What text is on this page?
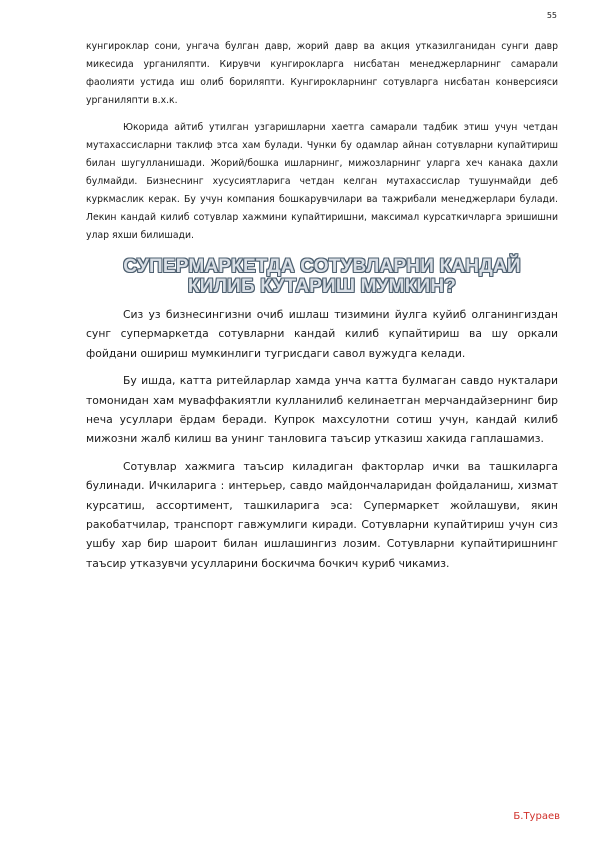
55

кунгироклар сони, унгача булган давр, жорий давр ва акция утказилганидан сунги давр микесида урганиляпти. Кирувчи кунгирокларга нисбатан менеджерларнинг самарали фаолияти устида иш олиб бориляпти. Кунгирокларнинг сотувларга нисбатан конверсияси урганиляпти в.х.к.

Юкорида айтиб утилган узгаришларни хаетга самарали тадбик этиш учун четдан мутахассисларни таклиф этса хам булади. Чунки бу одамлар айнан сотувларни купайтириш билан шугулланишади. Жорий/бошка ишларнинг, мижозларнинг уларга хеч канака дахли булмайди. Бизнеснинг хусусиятларига четдан келган мутахассислар тушунмайди деб куркмаслик керак. Бу учун компания бошкарувчилари ва тажрибали менеджерлари булади. Лекин кандай килиб сотувлар хажмини купайтиришни, максимал курсаткичларга эришишни улар яхши билишади.

СУПЕРМАРКЕТДА СОТУВЛАРНИ КАНДАЙ
КИЛИБ КУТАРИШ МУМКИН?

Сиз уз бизнесингизни очиб ишлаш тизимини йулга куйиб олганингиздан сунг супермаркетда сотувларни кандай килиб купайтириш ва шу оркали фойдани ошириш мумкинлиги тугрисдаги савол вужудга келади.

Бу ишда, катта ритейларлар хамда унча катта булмаган савдо нукталари томонидан хам муваффакиятли кулланилиб келинаетган мерчандайзернинг бир неча усуллари ёрдам беради. Купрок махсулотни сотиш учун, кандай килиб мижозни жалб килиш ва унинг танловига таъсир утказиш хакида гаплашамиз.

Сотувлар хажмига таъсир киладиган факторлар ички ва ташкиларга булинади. Ичкиларига : интерьер, савдо майдончаларидан фойдаланиш, хизмат курсатиш, ассортимент, ташкиларига эса: Супермаркет жойлашуви, якин ракобатчилар, транспорт гавжумлиги киради. Сотувларни купайтириш учун сиз ушбу хар бир шароит билан ишлашингиз лозим. Сотувларни купайтиришнинг таъсир утказувчи усулларини боскичма бочкич куриб чикамиз.

Б.Тураев
